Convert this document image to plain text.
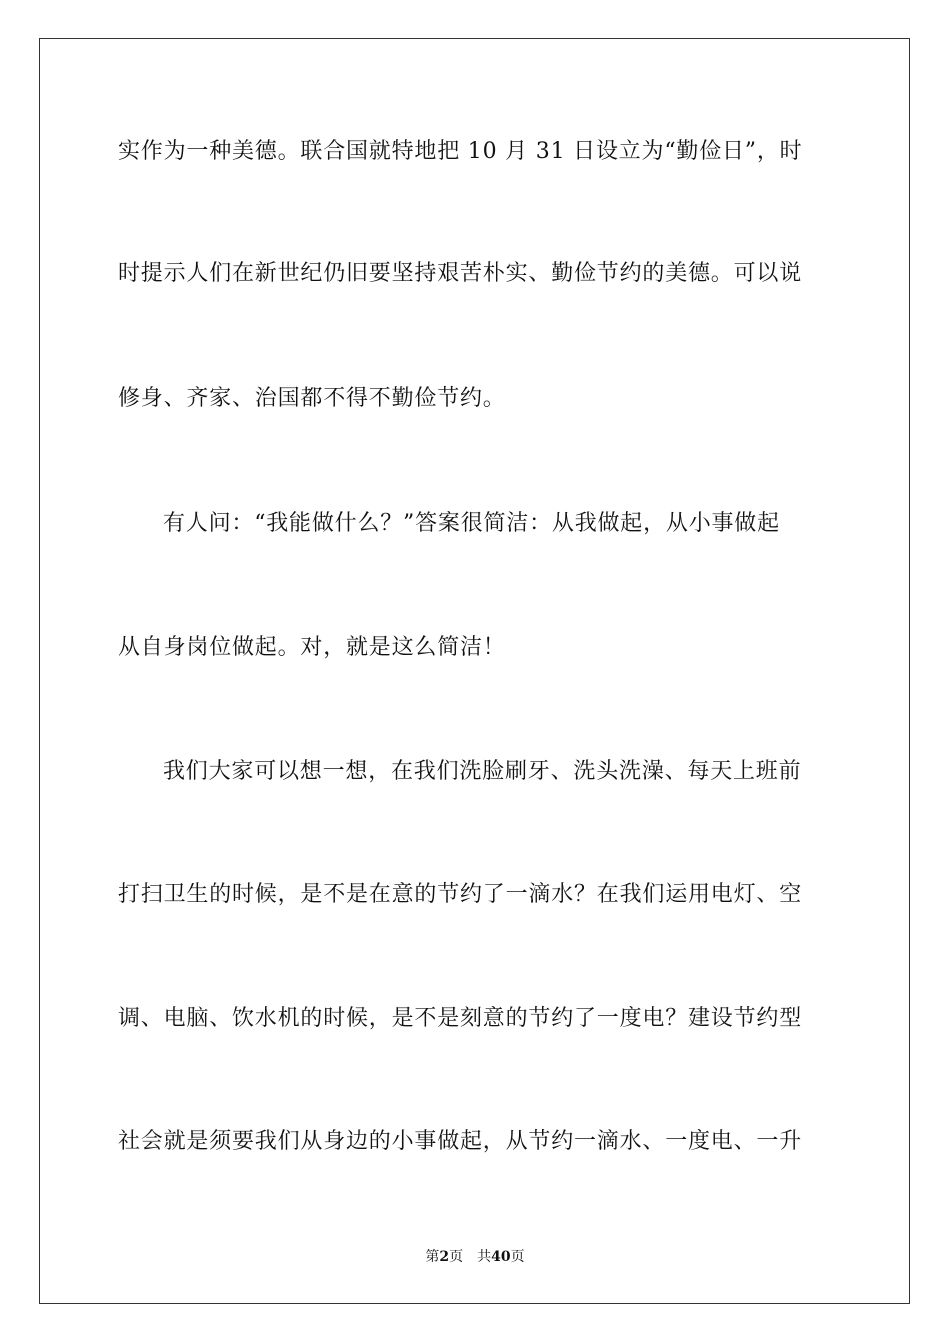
实作为一种美德。联合国就特地把 10 月 31 日设立为“勤俭日”，时
时提示人们在新世纪仍旧要坚持艰苦朴实、勤俭节约的美德。可以说
修身、齐家、治国都不得不勤俭节约。
有人问：“我能做什么？”答案很简洁：从我做起，从小事做起
从自身岗位做起。对，就是这么简洁！
我们大家可以想一想，在我们洗脸刷牙、洗头洗澡、每天上班前
打扫卫生的时候，是不是在意的节约了一滴水？在我们运用电灯、空
调、电脑、饮水机的时候，是不是刻意的节约了一度电？建设节约型
社会就是须要我们从身边的小事做起，从节约一滴水、一度电、一升
第2页 共40页
